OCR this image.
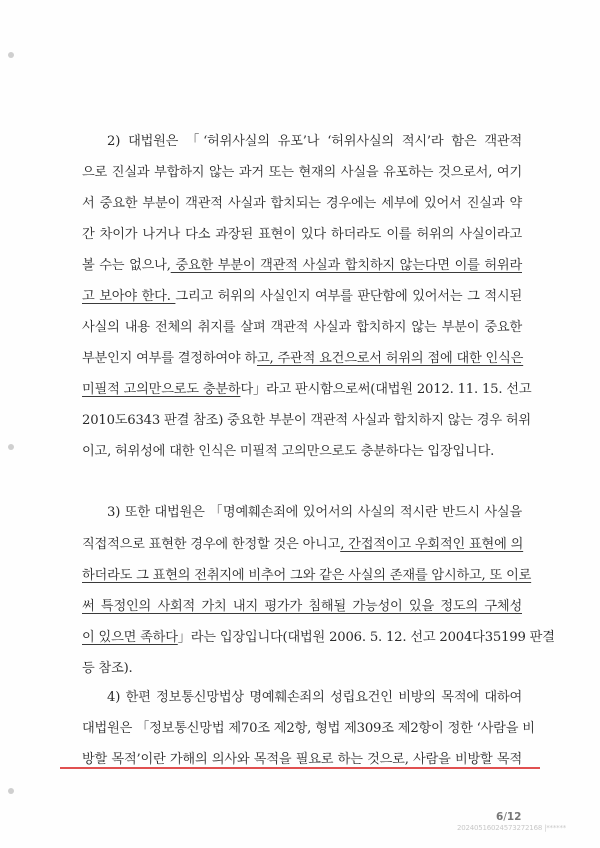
2) 대법원은 「‘허위사실의 유포’나 ‘허위사실의 적시’라 함은 객관적
으로 진실과 부합하지 않는 과거 또는 현재의 사실을 유포하는 것으로서, 여기
서 중요한 부분이 객관적 사실과 합치되는 경우에는 세부에 있어서 진실과 약
간 차이가 나거나 다소 과장된 표현이 있다 하더라도 이를 허위의 사실이라고
볼 수는 없으나, 중요한 부분이 객관적 사실과 합치하지 않는다면 이를 허위라
고 보아야 한다. 그리고 허위의 사실인지 여부를 판단함에 있어서는 그 적시된
사실의 내용 전체의 취지를 살펴 객관적 사실과 합치하지 않는 부분이 중요한
부분인지 여부를 결정하여야 하고, 주관적 요건으로서 허위의 점에 대한 인식은
미필적 고의만으로도 충분하다」라고 판시함으로써(대법원 2012. 11. 15. 선고
2010도6343 판결 참조) 중요한 부분이 객관적 사실과 합치하지 않는 경우 허위
이고, 허위성에 대한 인식은 미필적 고의만으로도 충분하다는 입장입니다.
3) 또한 대법원은 「명예훼손죄에 있어서의 사실의 적시란 반드시 사실을
직접적으로 표현한 경우에 한정할 것은 아니고, 간접적이고 우회적인 표현에 의
하더라도 그 표현의 전취지에 비추어 그와 같은 사실의 존재를 암시하고, 또 이로
써 특정인의 사회적 가치 내지 평가가 침해될 가능성이 있을 정도의 구체성
이 있으면 족하다」라는 입장입니다(대법원 2006. 5. 12. 선고 2004다35199 판결
등 참조).
4) 한편 정보통신망법상 명예훼손죄의 성립요건인 비방의 목적에 대하여
대법원은 「정보통신망법 제70조 제2항, 형법 제309조 제2항이 정한 ‘사람을 비
방할 목적’이란 가해의 의사와 목적을 필요로 하는 것으로, 사람을 비방할 목적
6/12
20240516024573272168 |******
